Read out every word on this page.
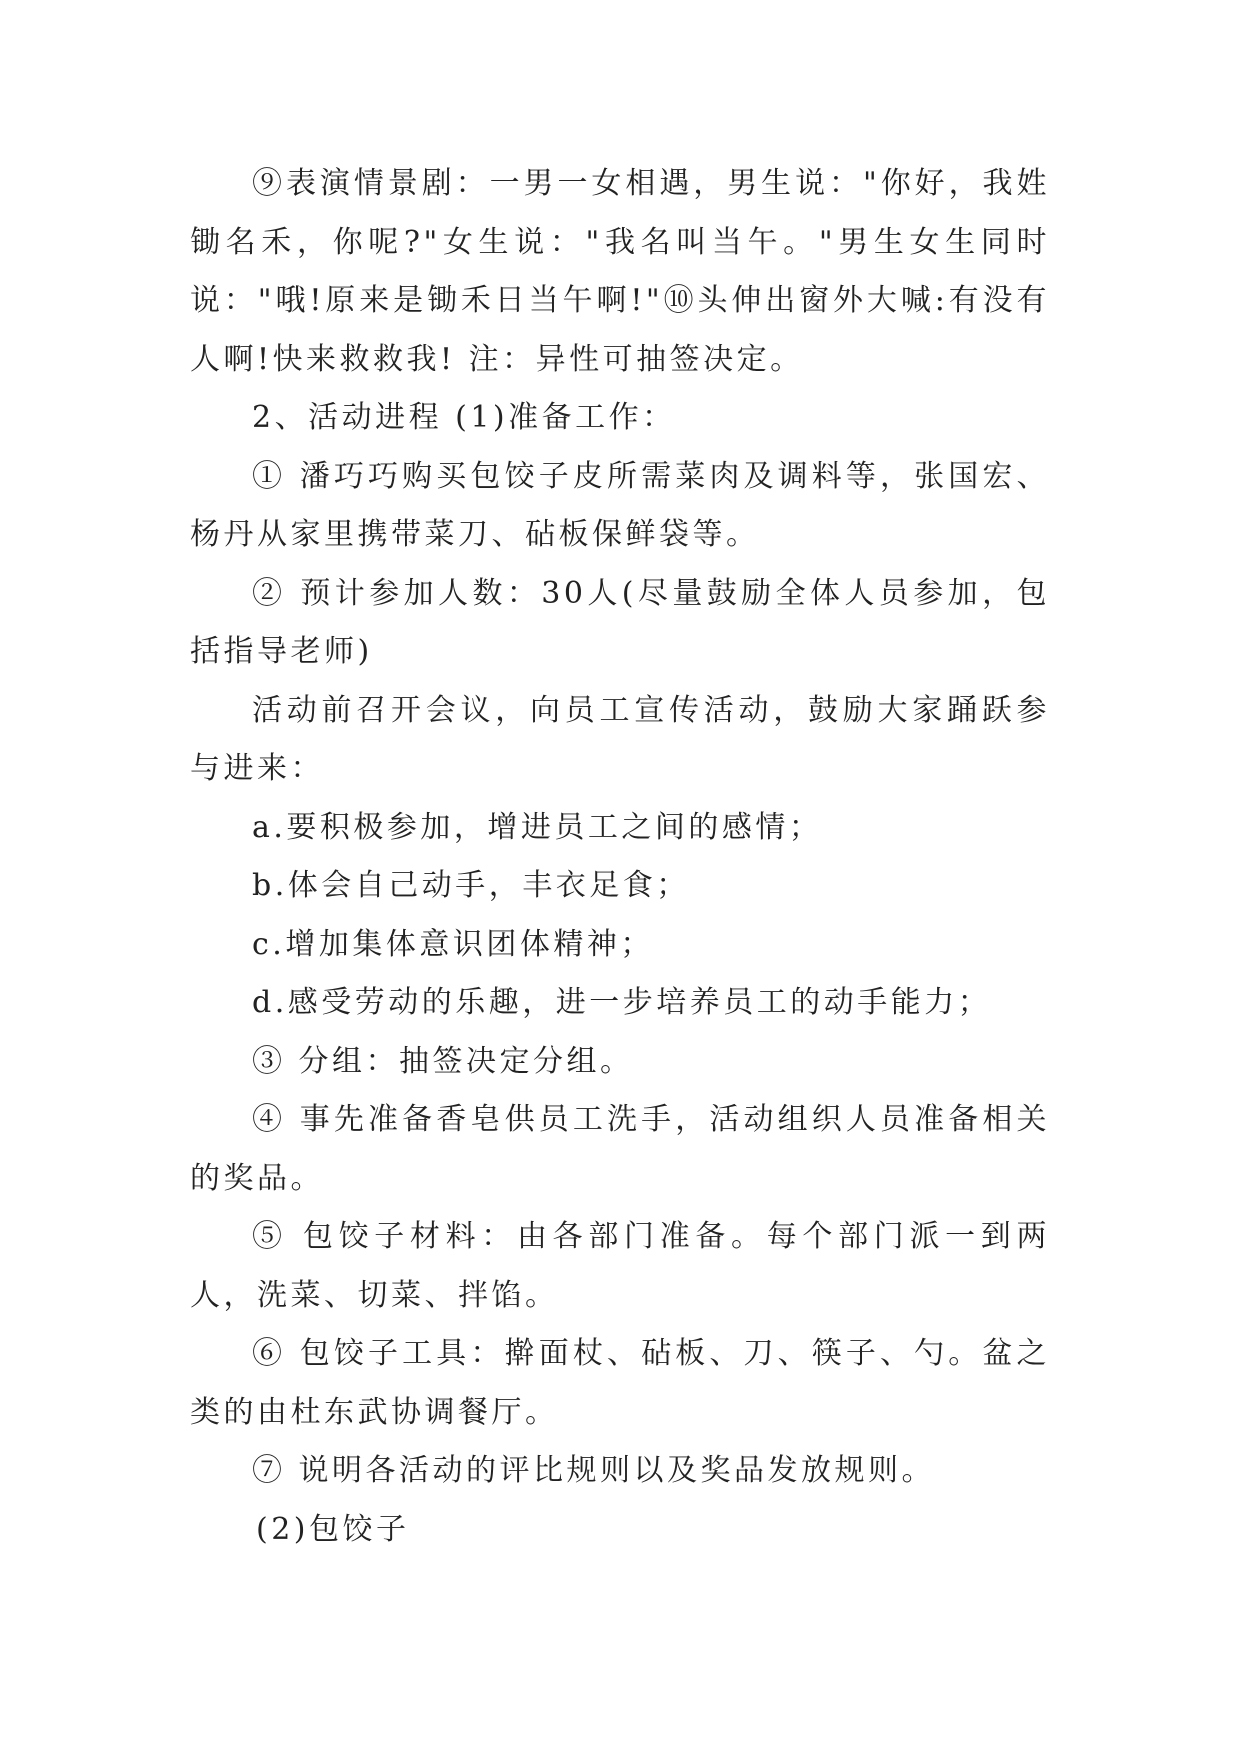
⑨表演情景剧：一男一女相遇，男生说："你好，我姓锄名禾，你呢?"女生说："我名叫当午。"男生女生同时说："哦!原来是锄禾日当午啊!"⑩头伸出窗外大喊:有没有人啊!快来救救我! 注：异性可抽签决定。

2、活动进程 (1)准备工作：

① 潘巧巧购买包饺子皮所需菜肉及调料等，张国宏、杨丹从家里携带菜刀、砧板保鲜袋等。

② 预计参加人数：30人(尽量鼓励全体人员参加，包括指导老师)

活动前召开会议，向员工宣传活动，鼓励大家踊跃参与进来：

a.要积极参加，增进员工之间的感情；

b.体会自己动手，丰衣足食；

c.增加集体意识团体精神；

d.感受劳动的乐趣，进一步培养员工的动手能力；

③ 分组：抽签决定分组。

④ 事先准备香皂供员工洗手，活动组织人员准备相关的奖品。

⑤ 包饺子材料：由各部门准备。每个部门派一到两人，洗菜、切菜、拌馅。

⑥ 包饺子工具：擀面杖、砧板、刀、筷子、勺。盆之类的由杜东武协调餐厅。

⑦ 说明各活动的评比规则以及奖品发放规则。

(2)包饺子
